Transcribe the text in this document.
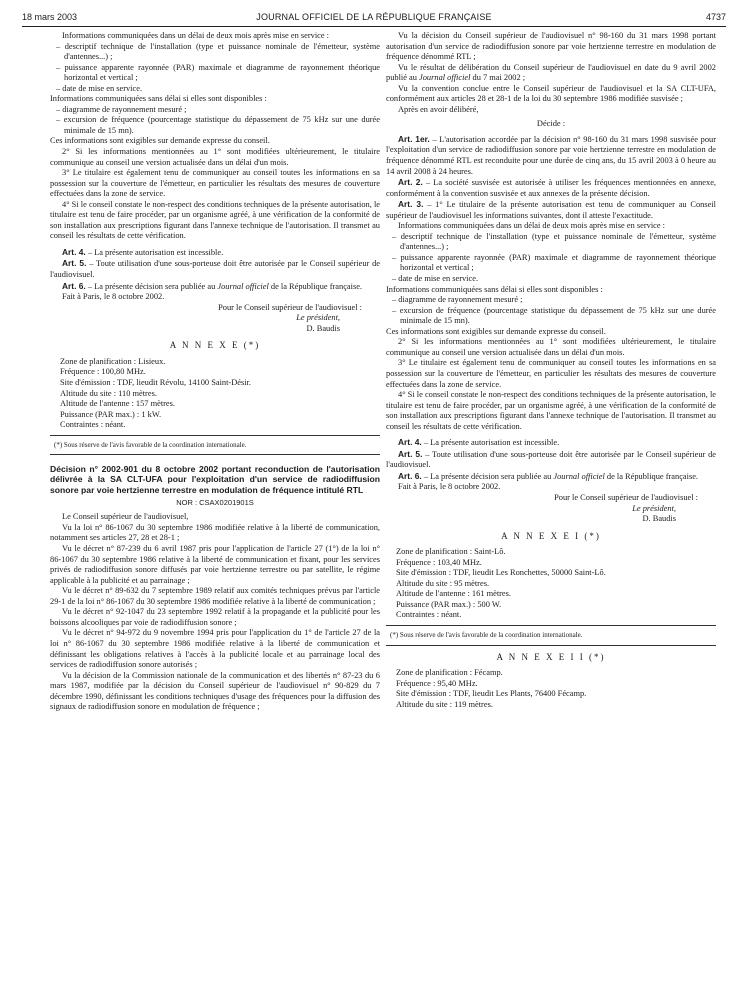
18 mars 2003	JOURNAL OFFICIEL DE LA RÉPUBLIQUE FRANÇAISE	4737

Informations communiquées dans un délai de deux mois après mise en service :

– descriptif technique de l'installation (type et puissance nominale de l'émetteur, système d'antennes...) ;

– puissance apparente rayonnée (PAR) maximale et diagramme de rayonnement théorique horizontal et vertical ;

– date de mise en service.

Informations communiquées sans délai si elles sont disponibles :

– diagramme de rayonnement mesuré ;

– excursion de fréquence (pourcentage statistique du dépassement de 75 kHz sur une durée minimale de 15 mn).

Ces informations sont exigibles sur demande expresse du conseil.

2° Si les informations mentionnées au 1° sont modifiées ultérieurement, le titulaire communique au conseil une version actualisée dans un délai d'un mois.

3° Le titulaire est également tenu de communiquer au conseil toutes les informations en sa possession sur la couverture de l'émetteur, en particulier les résultats des mesures de couverture effectuées dans la zone de service.

4° Si le conseil constate le non-respect des conditions techniques de la présente autorisation, le titulaire est tenu de faire procéder, par un organisme agréé, à une vérification de la conformité de son installation aux prescriptions figurant dans l'annexe technique de l'autorisation. Il transmet au conseil les résultats de cette vérification.

Art. 4. – La présente autorisation est incessible.

Art. 5. – Toute utilisation d'une sous-porteuse doit être autorisée par le Conseil supérieur de l'audiovisuel.

Art. 6. – La présente décision sera publiée au Journal officiel de la République française.

Fait à Paris, le 8 octobre 2002.

Pour le Conseil supérieur de l'audiovisuel :

Le président,

D. Baudis

A N N E X E (*)

Zone de planification : Lisieux.

Fréquence : 100,80 MHz.

Site d'émission : TDF, lieudit Révolu, 14100 Saint-Désir.

Altitude du site : 110 mètres.

Altitude de l'antenne : 157 mètres.

Puissance (PAR max.) : 1 kW.

Contraintes : néant.

(*) Sous réserve de l'avis favorable de la coordination internationale.

Décision n° 2002-901 du 8 octobre 2002 portant reconduction de l'autorisation délivrée à la SA CLT-UFA pour l'exploitation d'un service de radiodiffusion sonore par voie hertzienne terrestre en modulation de fréquence intitulé RTL

NOR : CSAX0201901S

Le Conseil supérieur de l'audiovisuel,

Vu la loi n° 86-1067 du 30 septembre 1986 modifiée relative à la liberté de communication, notamment ses articles 27, 28 et 28-1 ;

Vu le décret n° 87-239 du 6 avril 1987 pris pour l'application de l'article 27 (1°) de la loi n° 86-1067 du 30 septembre 1986 relative à la liberté de communication et fixant, pour les services privés de radiodiffusion sonore diffusés par voie hertzienne terrestre ou par satellite, le régime applicable à la publicité et au parrainage ;

Vu le décret n° 89-632 du 7 septembre 1989 relatif aux comités techniques prévus par l'article 29-1 de la loi n° 86-1067 du 30 septembre 1986 modifiée relative à la liberté de communication ;

Vu le décret n° 92-1047 du 23 septembre 1992 relatif à la propagande et la publicité pour les boissons alcooliques par voie de radiodiffusion sonore ;

Vu le décret n° 94-972 du 9 novembre 1994 pris pour l'application du 1° de l'article 27 de la loi n° 86-1067 du 30 septembre 1986 modifiée relative à la liberté de communication et définissant les obligations relatives à l'accès à la publicité locale et au parrainage local des services de radiodiffusion sonore autorisés ;

Vu la décision de la Commission nationale de la communication et des libertés n° 87-23 du 6 mars 1987, modifiée par la décision du Conseil supérieur de l'audiovisuel n° 90-829 du 7 décembre 1990, définissant les conditions techniques d'usage des fréquences pour la diffusion des signaux de radiodiffusion sonore en modulation de fréquence ;

Vu la décision du Conseil supérieur de l'audiovisuel n° 98-160 du 31 mars 1998 portant autorisation d'un service de radiodiffusion sonore par voie hertzienne terrestre en modulation de fréquence dénommé RTL ;

Vu le résultat de délibération du Conseil supérieur de l'audiovisuel en date du 9 avril 2002 publié au Journal officiel du 7 mai 2002 ;

Vu la convention conclue entre le Conseil supérieur de l'audiovisuel et la SA CLT-UFA, conformément aux articles 28 et 28-1 de la loi du 30 septembre 1986 modifiée susvisée ;

Après en avoir délibéré,

Décide :

Art. 1er. – L'autorisation accordée par la décision n° 98-160 du 31 mars 1998 susvisée pour l'exploitation d'un service de radiodiffusion sonore par voie hertzienne terrestre en modulation de fréquence dénommé RTL est reconduite pour une durée de cinq ans, du 15 avril 2003 à 0 heure au 14 avril 2008 à 24 heures.

Art. 2. – La société susvisée est autorisée à utiliser les fréquences mentionnées en annexe, conformément à la convention susvisée et aux annexes de la présente décision.

Art. 3. – 1° Le titulaire de la présente autorisation est tenu de communiquer au Conseil supérieur de l'audiovisuel les informations suivantes, dont il atteste l'exactitude.

Informations communiquées dans un délai de deux mois après mise en service :

– descriptif technique de l'installation (type et puissance nominale de l'émetteur, système d'antennes...) ;

– puissance apparente rayonnée (PAR) maximale et diagramme de rayonnement théorique horizontal et vertical ;

– date de mise en service.

Informations communiquées sans délai si elles sont disponibles :

– diagramme de rayonnement mesuré ;

– excursion de fréquence (pourcentage statistique du dépassement de 75 kHz sur une durée minimale de 15 mn).

Ces informations sont exigibles sur demande expresse du conseil.

2° Si les informations mentionnées au 1° sont modifiées ultérieurement, le titulaire communique au conseil une version actualisée dans un délai d'un mois.

3° Le titulaire est également tenu de communiquer au conseil toutes les informations en sa possession sur la couverture de l'émetteur, en particulier les résultats des mesures de couverture effectuées dans la zone de service.

4° Si le conseil constate le non-respect des conditions techniques de la présente autorisation, le titulaire est tenu de faire procéder, par un organisme agréé, à une vérification de la conformité de son installation aux prescriptions figurant dans l'annexe technique de l'autorisation. Il transmet au conseil les résultats de cette vérification.

Art. 4. – La présente autorisation est incessible.

Art. 5. – Toute utilisation d'une sous-porteuse doit être autorisée par le Conseil supérieur de l'audiovisuel.

Art. 6. – La présente décision sera publiée au Journal officiel de la République française.

Fait à Paris, le 8 octobre 2002.

Pour le Conseil supérieur de l'audiovisuel :

Le président,

D. Baudis

A N N E X E I (*)

Zone de planification : Saint-Lô.

Fréquence : 103,40 MHz.

Site d'émission : TDF, lieudit Les Ronchettes, 50000 Saint-Lô.

Altitude du site : 95 mètres.

Altitude de l'antenne : 161 mètres.

Puissance (PAR max.) : 500 W.

Contraintes : néant.

(*) Sous réserve de l'avis favorable de la coordination internationale.

A N N E X E I I (*)

Zone de planification : Fécamp.

Fréquence : 95,40 MHz.

Site d'émission : TDF, lieudit Les Plants, 76400 Fécamp.

Altitude du site : 119 mètres.
